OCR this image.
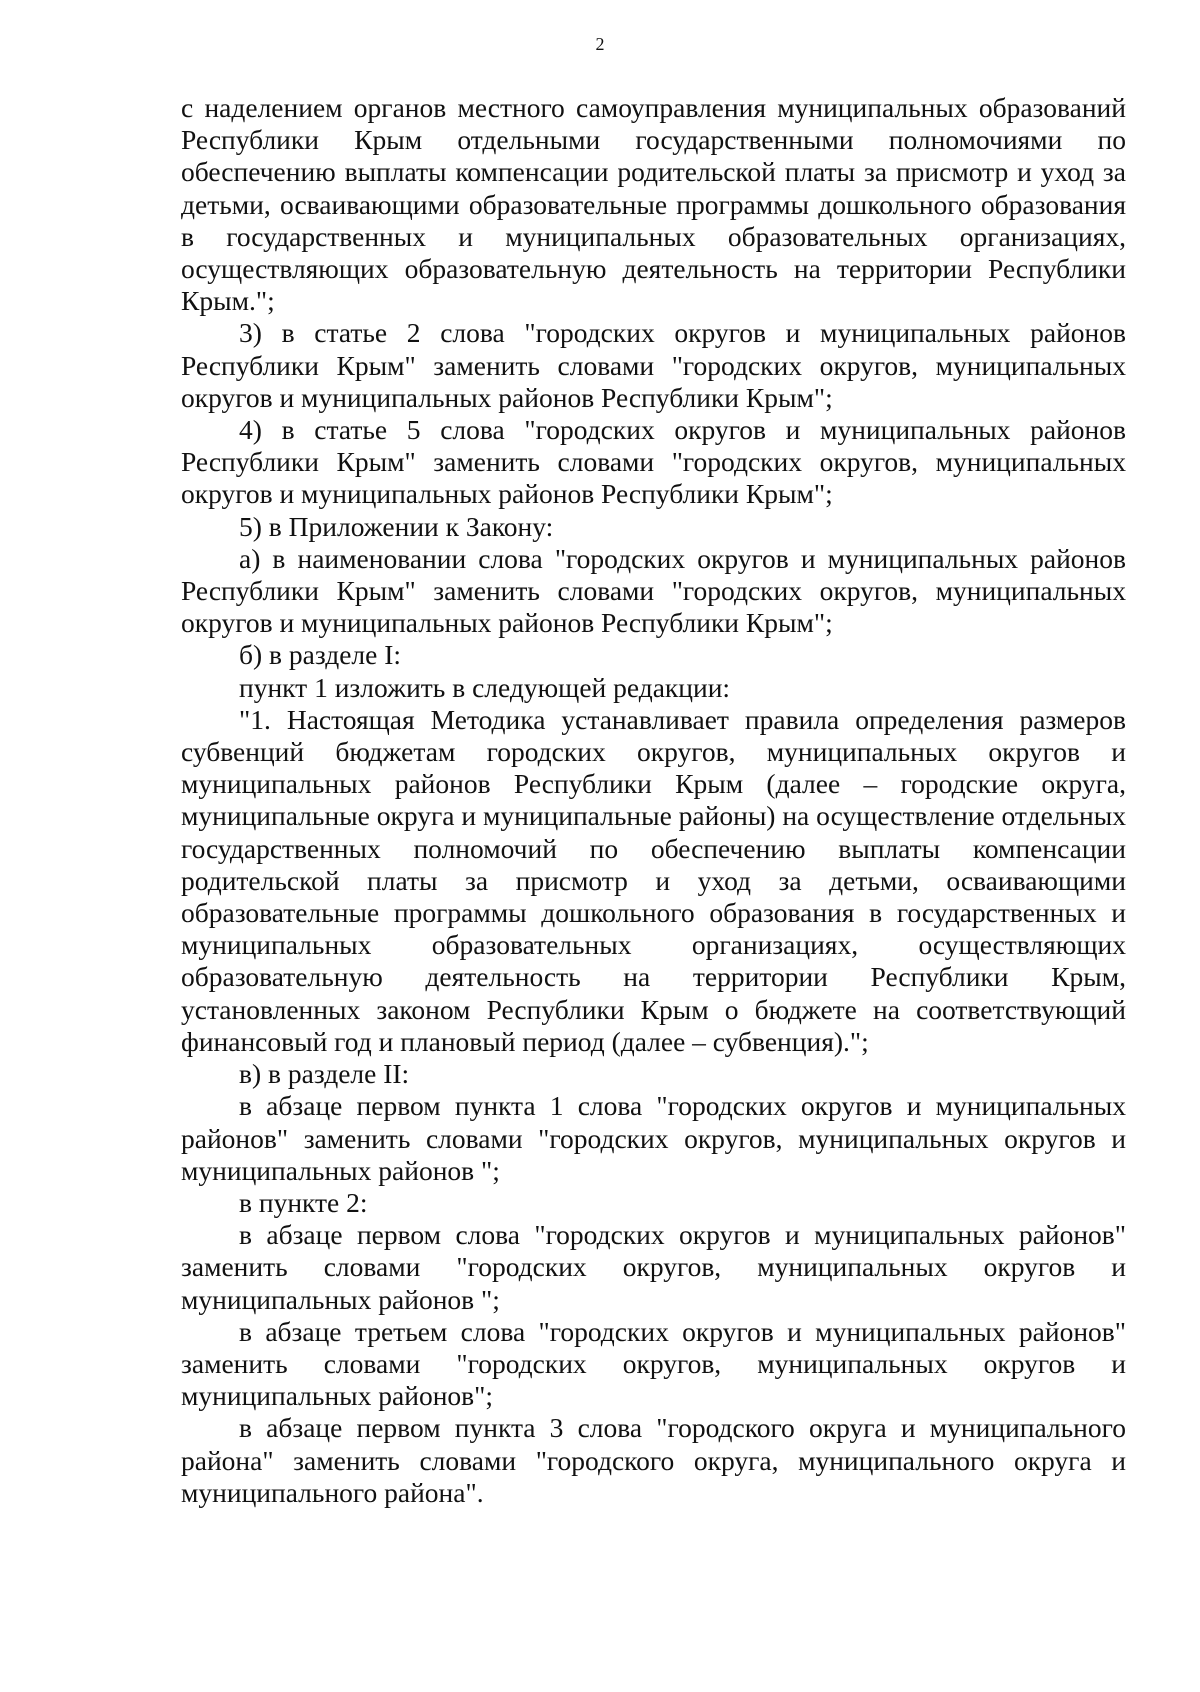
2

с наделением органов местного самоуправления муниципальных образований Республики Крым отдельными государственными полномочиями по обеспечению выплаты компенсации родительской платы за присмотр и уход за детьми, осваивающими образовательные программы дошкольного образования в государственных и муниципальных образовательных организациях, осуществляющих образовательную деятельность на территории Республики Крым.";

3) в статье 2 слова "городских округов и муниципальных районов Республики Крым" заменить словами "городских округов, муниципальных округов и муниципальных районов Республики Крым";

4) в статье 5 слова "городских округов и муниципальных районов Республики Крым" заменить словами "городских округов, муниципальных округов и муниципальных районов Республики Крым";

5) в Приложении к Закону:

а) в наименовании слова "городских округов и муниципальных районов Республики Крым" заменить словами "городских округов, муниципальных округов и муниципальных районов Республики Крым";

б) в разделе I:

пункт 1 изложить в следующей редакции:

"1. Настоящая Методика устанавливает правила определения размеров субвенций бюджетам городских округов, муниципальных округов и муниципальных районов Республики Крым (далее – городские округа, муниципальные округа и муниципальные районы) на осуществление отдельных государственных полномочий по обеспечению выплаты компенсации родительской платы за присмотр и уход за детьми, осваивающими образовательные программы дошкольного образования в государственных и муниципальных образовательных организациях, осуществляющих образовательную деятельность на территории Республики Крым, установленных законом Республики Крым о бюджете на соответствующий финансовый год и плановый период (далее – субвенция).";

в) в разделе II:

в абзаце первом пункта 1 слова "городских округов и муниципальных районов" заменить словами "городских округов, муниципальных округов и муниципальных районов ";

в пункте 2:

в абзаце первом слова "городских округов и муниципальных районов" заменить словами "городских округов, муниципальных округов и муниципальных районов ";

в абзаце третьем слова "городских округов и муниципальных районов" заменить словами "городских округов, муниципальных округов и муниципальных районов";

в абзаце первом пункта 3 слова "городского округа и муниципального района" заменить словами "городского округа, муниципального округа и муниципального района".
